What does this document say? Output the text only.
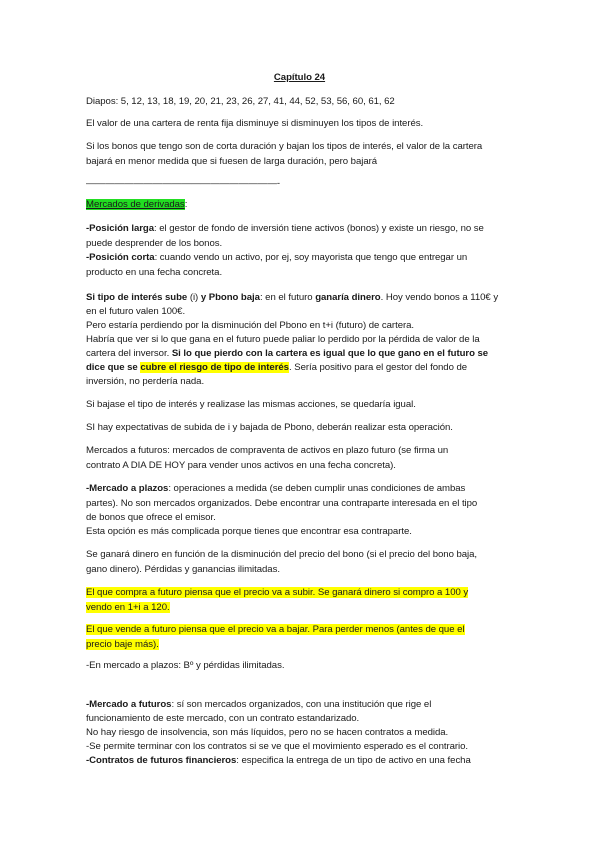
Capítulo 24
Diapos: 5, 12, 13, 18, 19, 20, 21, 23, 26, 27, 41, 44, 52, 53, 56, 60, 61, 62
El valor de una cartera de renta fija disminuye si disminuyen los tipos de interés.
Si los bonos que tengo son de corta duración y bajan los tipos de interés, el valor de la cartera
bajará en menor medida que si fuesen de larga duración, pero bajará
————————————————————-
Mercados de derivadas:
-Posición larga: el gestor de fondo de inversión tiene activos (bonos) y existe un riesgo, no se
puede desprender de los bonos.
-Posición corta: cuando vendo un activo, por ej, soy mayorista que tengo que entregar un
producto en una fecha concreta.
Si tipo de interés sube (i) y Pbono baja: en el futuro ganaría dinero. Hoy vendo bonos a 110€ y
en el futuro valen 100€.
Pero estaría perdiendo por la disminución del Pbono en t+i (futuro) de cartera.
Habría que ver si lo que gana en el futuro puede paliar lo perdido por la pérdida de valor de la
cartera del inversor. Si lo que pierdo con la cartera es igual que lo que gano en el futuro se
dice que se cubre el riesgo de tipo de interés. Sería positivo para el gestor del fondo de
inversión, no perdería nada.
Si bajase el tipo de interés y realizase las mismas acciones, se quedaría igual.
SI hay expectativas de subida de i y bajada de Pbono, deberán realizar esta operación.
Mercados a futuros: mercados de compraventa de activos en plazo futuro (se firma un
contrato A DIA DE HOY para vender unos activos en una fecha concreta).
-Mercado a plazos: operaciones a medida (se deben cumplir unas condiciones de ambas
partes). No son mercados organizados. Debe encontrar una contraparte interesada en el tipo
de bonos que ofrece el emisor.
Esta opción es más complicada porque tienes que encontrar esa contraparte.
Se ganará dinero en función de la disminución del precio del bono (si el precio del bono baja,
gano dinero). Pérdidas y ganancias ilimitadas.
El que compra a futuro piensa que el precio va a subir. Se ganará dinero si compro a 100 y
vendo en 1+i a 120.
El que vende a futuro piensa que el precio va a bajar. Para perder menos (antes de que el
precio baje más).
-En mercado a plazos: Bº y pérdidas ilimitadas.
-Mercado a futuros: sí son mercados organizados, con una institución que rige el
funcionamiento de este mercado, con un contrato estandarizado.
No hay riesgo de insolvencia, son más líquidos, pero no se hacen contratos a medida.
-Se permite terminar con los contratos si se ve que el movimiento esperado es el contrario.
-Contratos de futuros financieros: especifica la entrega de un tipo de activo en una fecha
